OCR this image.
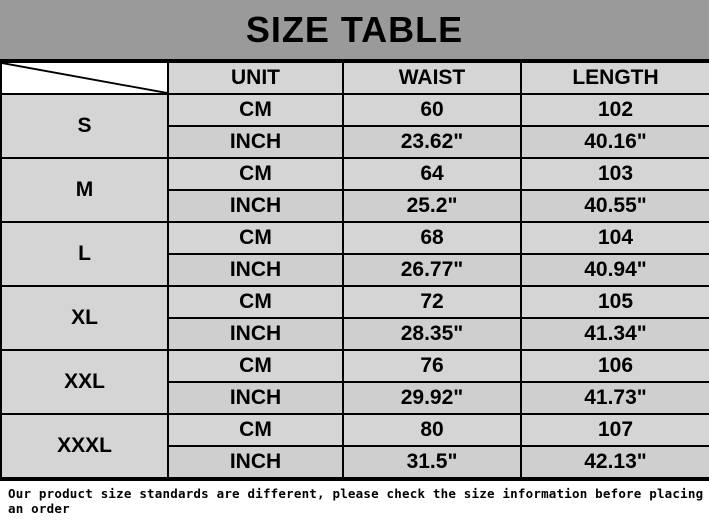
SIZE TABLE
	UNIT	WAIST	LENGTH
S	CM	60	102
	INCH	23.62"	40.16"
M	CM	64	103
	INCH	25.2"	40.55"
L	CM	68	104
	INCH	26.77"	40.94"
XL	CM	72	105
	INCH	28.35"	41.34"
XXL	CM	76	106
	INCH	29.92"	41.73"
XXXL	CM	80	107
	INCH	31.5"	42.13"
Our product size standards are different, please check the size information before placing an order
